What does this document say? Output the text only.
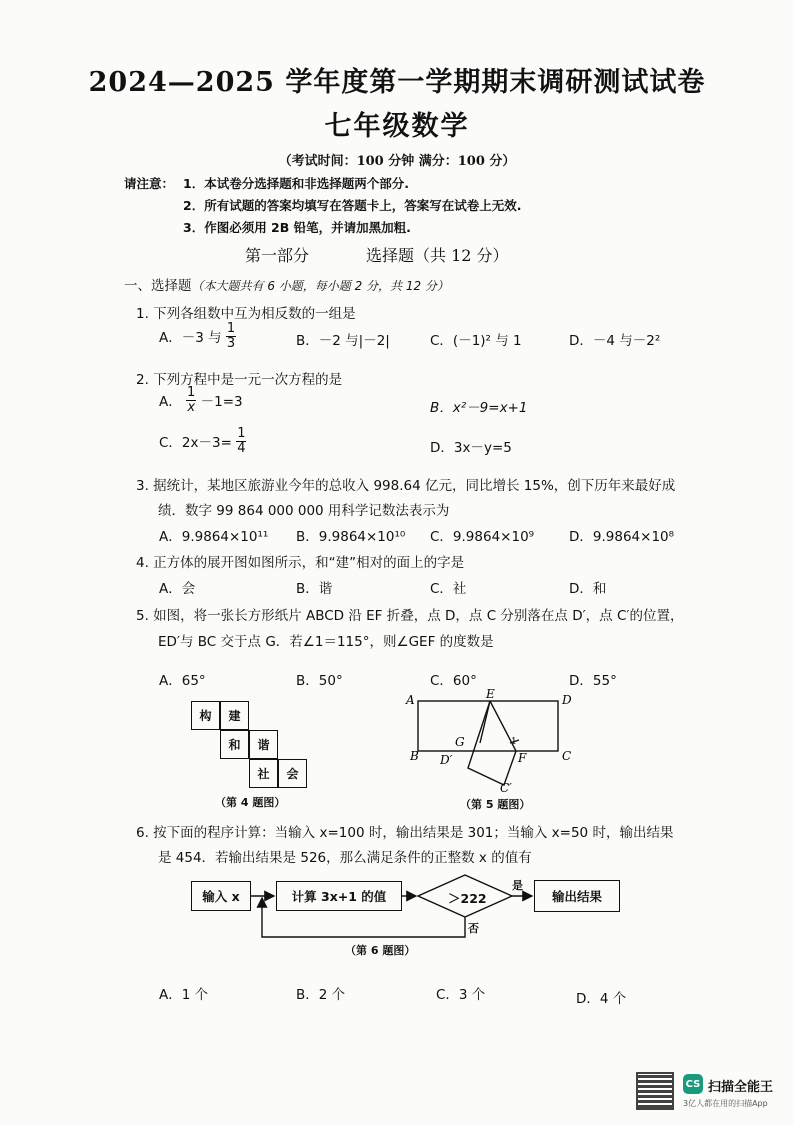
2024—2025 学年度第一学期期末调研测试试卷
七年级数学
（考试时间：100 分钟 满分：100 分）
请注意： 1．本试卷分选择题和非选择题两个部分.
2．所有试题的答案均填写在答题卡上，答案写在试卷上无效.
3．作图必须用 2B 铅笔，并请加黑加粗.
第一部分	选择题（共 12 分）
一、选择题（本大题共有 6 小题，每小题 2 分，共 12 分）
1. 下列各组数中互为相反数的一组是
A．－3 与 $\frac{1}{3}$	B．－2 与|－2|	C．(－1)² 与 1	D．－4 与－2²
2. 下列方程中是一元一次方程的是
A． $\frac{1}{x} -1=3$	B．x²－9=x+1
C．$2x-3= \frac{1}{4}$	D．3x－y=5
3. 据统计，某地区旅游业今年的总收入 998.64 亿元，同比增长 15%，创下历年来最好成
绩．数字 99 864 000 000 用科学记数法表示为
A．9.9864×10¹¹ B．9.9864×10¹⁰ C．9.9864×10⁹	D．9.9864×10⁸
4. 正方体的展开图如图所示，和“建”相对的面上的字是
A．会	B．谐	C．社	D．和
5. 如图，将一张长方形纸片 ABCD 沿 EF 折叠，点 D，点 C 分别落在点 D′，点 C′的位置，
ED′与 BC 交于点 G．若∠1＝115°，则∠GEF 的度数是
A．65°	B．50°	C．60°	D．55°
构	建
和	谐
社	会
（第 4 题图）
A	D
E
B	C
G
F
D′
C′
1
（第 5 题图）
6. 按下面的程序计算：当输入 x=100 时，输出结果是 301；当输入 x=50 时，输出结果
是 454．若输出结果是 526，那么满足条件的正整数 x 的值有
输入 x	计算 3x+1 的值	＞222
是
否
输出结果
（第 6 题图）
A．1 个	B．2 个	C．3 个	D．4 个
CS 扫描全能王
3亿人都在用的扫描App
